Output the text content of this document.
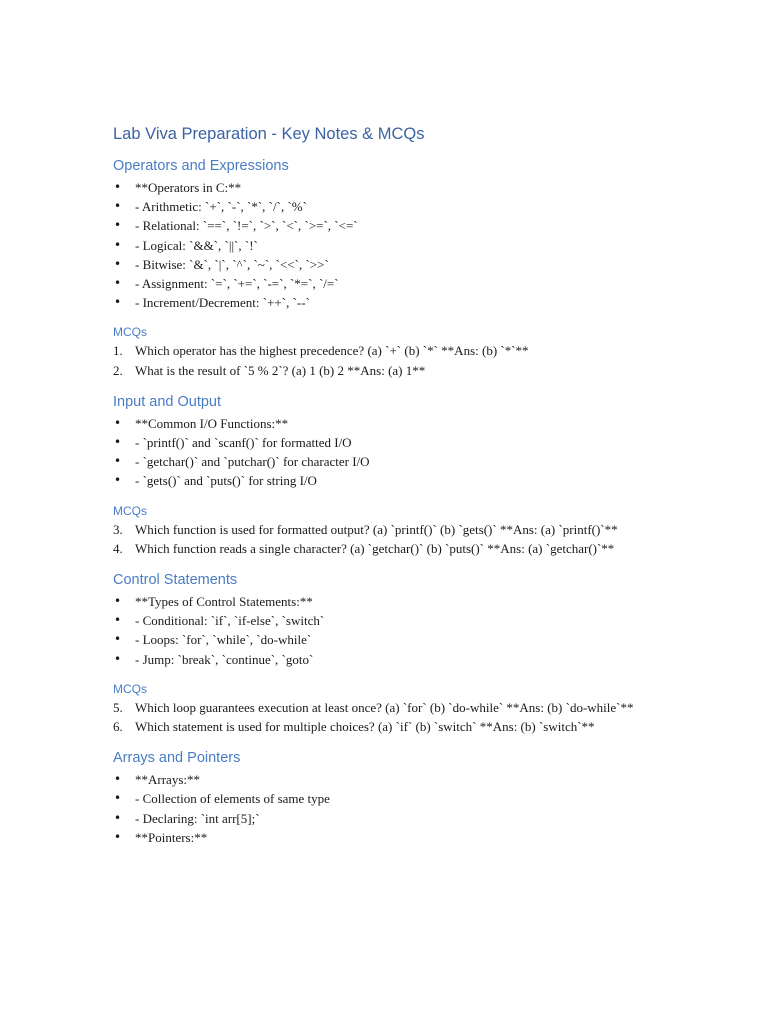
Lab Viva Preparation - Key Notes & MCQs
Operators and Expressions
• **Operators in C:**
• - Arithmetic: `+`, `-`, `*`, `/`, `%`
• - Relational: `==`, `!=`, `>`, `<`, `>=`, `<=`
• - Logical: `&&`, `||`, `!`
• - Bitwise: `&`, `|`, `^`, `~`, `<<`, `>>`
• - Assignment: `=`, `+=`, `-=`, `*=`, `/=`
• - Increment/Decrement: `++`, `--`
MCQs
1. Which operator has the highest precedence? (a) `+` (b) `*` **Ans: (b) `*`**
2. What is the result of `5 % 2`? (a) 1 (b) 2 **Ans: (a) 1**
Input and Output
• **Common I/O Functions:**
• - `printf()` and `scanf()` for formatted I/O
• - `getchar()` and `putchar()` for character I/O
• - `gets()` and `puts()` for string I/O
MCQs
3. Which function is used for formatted output? (a) `printf()` (b) `gets()` **Ans: (a) `printf()`**
4. Which function reads a single character? (a) `getchar()` (b) `puts()` **Ans: (a) `getchar()`**
Control Statements
• **Types of Control Statements:**
• - Conditional: `if`, `if-else`, `switch`
• - Loops: `for`, `while`, `do-while`
• - Jump: `break`, `continue`, `goto`
MCQs
5. Which loop guarantees execution at least once? (a) `for` (b) `do-while` **Ans: (b) `do-while`**
6. Which statement is used for multiple choices? (a) `if` (b) `switch` **Ans: (b) `switch`**
Arrays and Pointers
• **Arrays:**
• - Collection of elements of same type
• - Declaring: `int arr[5];`
• **Pointers:**
